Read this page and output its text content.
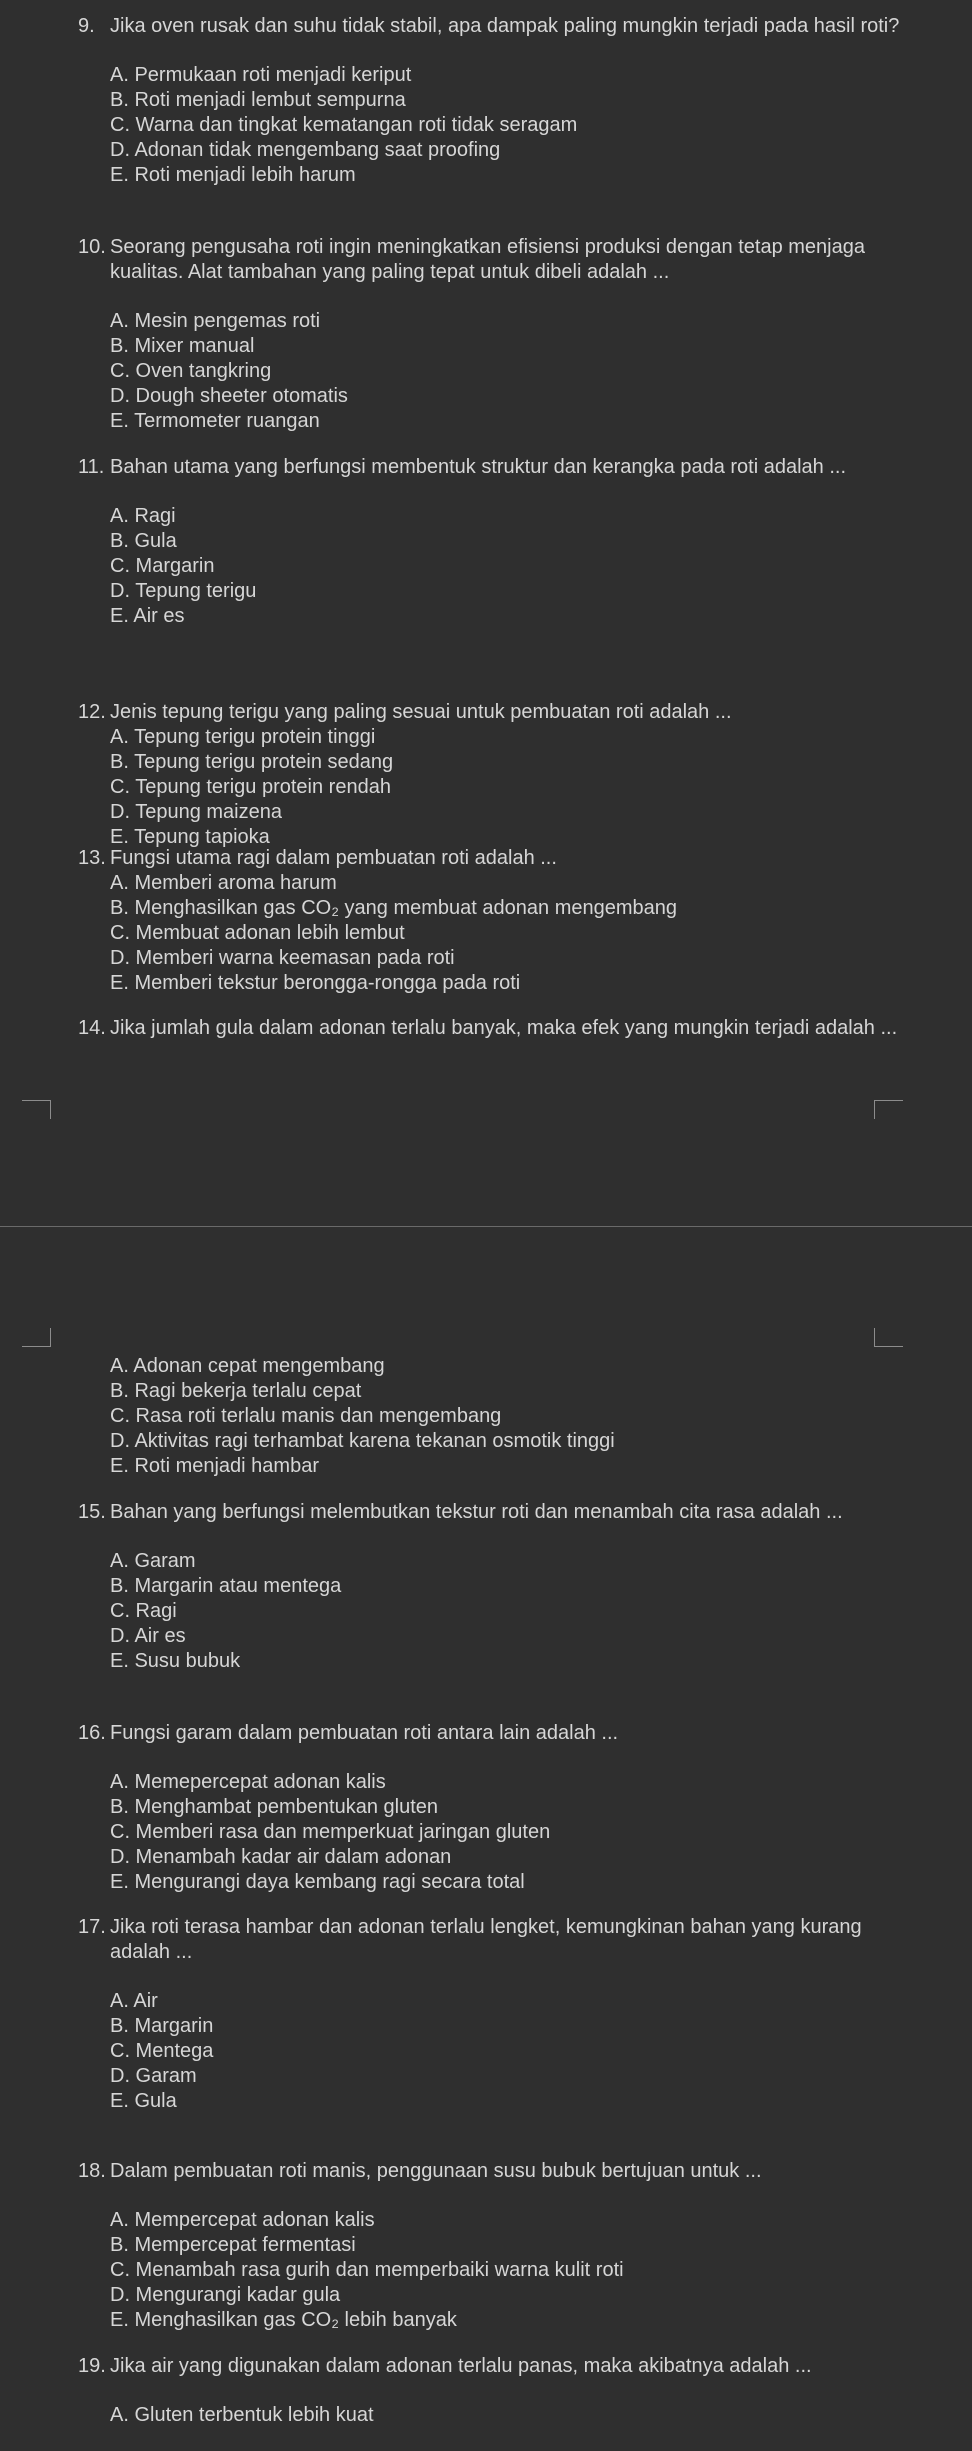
9. Jika oven rusak dan suhu tidak stabil, apa dampak paling mungkin terjadi pada hasil roti?
A. Permukaan roti menjadi keriput
B. Roti menjadi lembut sempurna
C. Warna dan tingkat kematangan roti tidak seragam
D. Adonan tidak mengembang saat proofing
E. Roti menjadi lebih harum
10. Seorang pengusaha roti ingin meningkatkan efisiensi produksi dengan tetap menjaga kualitas. Alat tambahan yang paling tepat untuk dibeli adalah ...
A. Mesin pengemas roti
B. Mixer manual
C. Oven tangkring
D. Dough sheeter otomatis
E. Termometer ruangan
11. Bahan utama yang berfungsi membentuk struktur dan kerangka pada roti adalah ...
A. Ragi
B. Gula
C. Margarin
D. Tepung terigu
E. Air es
12. Jenis tepung terigu yang paling sesuai untuk pembuatan roti adalah ...
A. Tepung terigu protein tinggi
B. Tepung terigu protein sedang
C. Tepung terigu protein rendah
D. Tepung maizena
E. Tepung tapioka
13. Fungsi utama ragi dalam pembuatan roti adalah ...
A. Memberi aroma harum
B. Menghasilkan gas CO₂ yang membuat adonan mengembang
C. Membuat adonan lebih lembut
D. Memberi warna keemasan pada roti
E. Memberi tekstur berongga-rongga pada roti
14. Jika jumlah gula dalam adonan terlalu banyak, maka efek yang mungkin terjadi adalah ...
A. Adonan cepat mengembang
B. Ragi bekerja terlalu cepat
C. Rasa roti terlalu manis dan mengembang
D. Aktivitas ragi terhambat karena tekanan osmotik tinggi
E. Roti menjadi hambar
15. Bahan yang berfungsi melembutkan tekstur roti dan menambah cita rasa adalah ...
A. Garam
B. Margarin atau mentega
C. Ragi
D. Air es
E. Susu bubuk
16. Fungsi garam dalam pembuatan roti antara lain adalah ...
A. Memepercepat adonan kalis
B. Menghambat pembentukan gluten
C. Memberi rasa dan memperkuat jaringan gluten
D. Menambah kadar air dalam adonan
E. Mengurangi daya kembang ragi secara total
17. Jika roti terasa hambar dan adonan terlalu lengket, kemungkinan bahan yang kurang adalah ...
A. Air
B. Margarin
C. Mentega
D. Garam
E. Gula
18. Dalam pembuatan roti manis, penggunaan susu bubuk bertujuan untuk ...
A. Mempercepat adonan kalis
B. Mempercepat fermentasi
C. Menambah rasa gurih dan memperbaiki warna kulit roti
D. Mengurangi kadar gula
E. Menghasilkan gas CO₂ lebih banyak
19. Jika air yang digunakan dalam adonan terlalu panas, maka akibatnya adalah ...
A. Gluten terbentuk lebih kuat
